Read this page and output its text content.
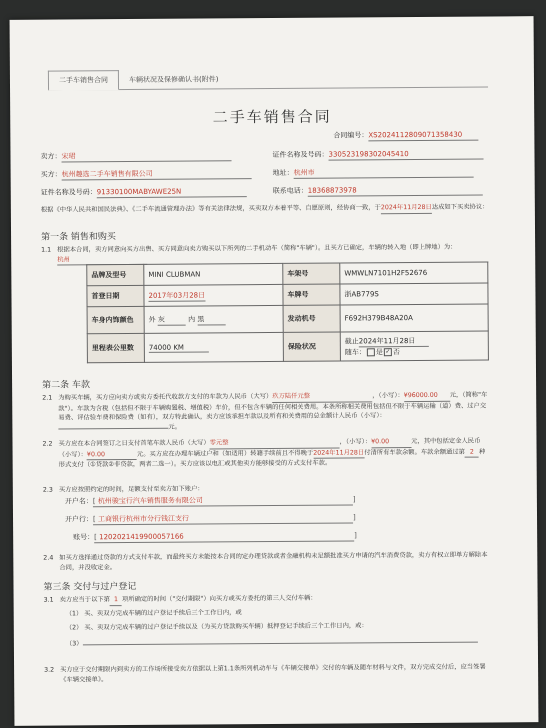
二手车销售合同	车辆状况及保修确认书(附件)
二手车销售合同
合同编号：XS2024112809071358430
卖方：宋珺	证件名称及号码：330523198302045410
买方：杭州趣选二手车销售有限公司	地址：杭州市
证件名称及号码：91330100MABYAWE25N	联系电话：18368873978
根据《中华人民共和国民法典》、《二手车流通管理办法》等有关法律法规，买卖双方本着平等、自愿原则，经协商一致，于2024年11月28日达成如下买卖协议：
第一条 销售和购买
1.1 根据本合同，卖方同意向买方出售、买方同意向卖方购买以下所列的二手机动车（简称"车辆"）。且买方已确定，车辆的转入地（即上牌地）为：杭州
品牌及型号	MINI CLUBMAN	车架号	WMWLN7101H2F52676
首登日期	2017年03月28日	车牌号	浙AB779S
车身内饰颜色	外 灰 内 黑	发动机号	F692H379B48A20A
里程表公里数	74000 KM	保险状况	截止2024年11月28日
随车： 是 ✓ 否
第二条 车款
2.1 为购买车辆，买方应向卖方或卖方委托代收款方支付的车款为人民币（大写）玖万陆仟元整	，（小写）：¥96000.00 元，（简称"车款"）。车款为含税（包括但不限于车辆购置税、增值税）车价，但不包含车辆的任何相关费用。本条所称相关费用包括但不限于车辆运输（道）费、过户交易费、评估验车费和保险费（如有），双方特此确认，卖方应该承担车款以及所有和关费用的总金额计人民币（小写）：元。
2.2 买方应在本合同签订之日支付首笔车款人民币（大写）零元整	，（小写）：¥0.00	元，其中包括定金人民币（小写）：¥0.00	元。买方应在办理车辆过户和（如适用）转籍手续前且不得晚于2024年11月28日付清所有车款余额。车款余额通过第 2 种形式支付（①贷款②非贷款，两者二选一）。买方应该以电汇或其他卖方能够接受的方式支付车款。
2.3 买方应按照约定的时间，足额支付至卖方如下账户：
开户名：[ 杭州骏宝行汽车销售服务有限公司	]
开户行：[ 工商银行杭州市分行钱江支行	]
账号：[ 1202021419900057166	]
2.4 如买方选择通过贷款的方式支付车款，而最终买方未能按本合同的定办理贷款或者金融机构未足额批准买方申请的汽车消费贷款，卖方有权立即单方解除本合同，并没收定金。
第三条 交付与过户登记
3.1 卖方应当于以下第 1 项所确定的时间（"交付期限"）向买方或买方委托的第三人交付车辆：
（1） 买、卖双方完成车辆的过户登记手续后三个工作日内，或
（2） 买、卖双方完成车辆的过户登记手续以及（为买方贷款购买车辆）抵押登记手续后三个工作日内，或：
（3）
3.2 买方应于交付期限内到卖方的工作场所接受卖方依据以上第1.1条所列机动车与《车辆交接单》交付的车辆及随车材料与文件，双方完成交付后，应当签署《车辆交接单》。
